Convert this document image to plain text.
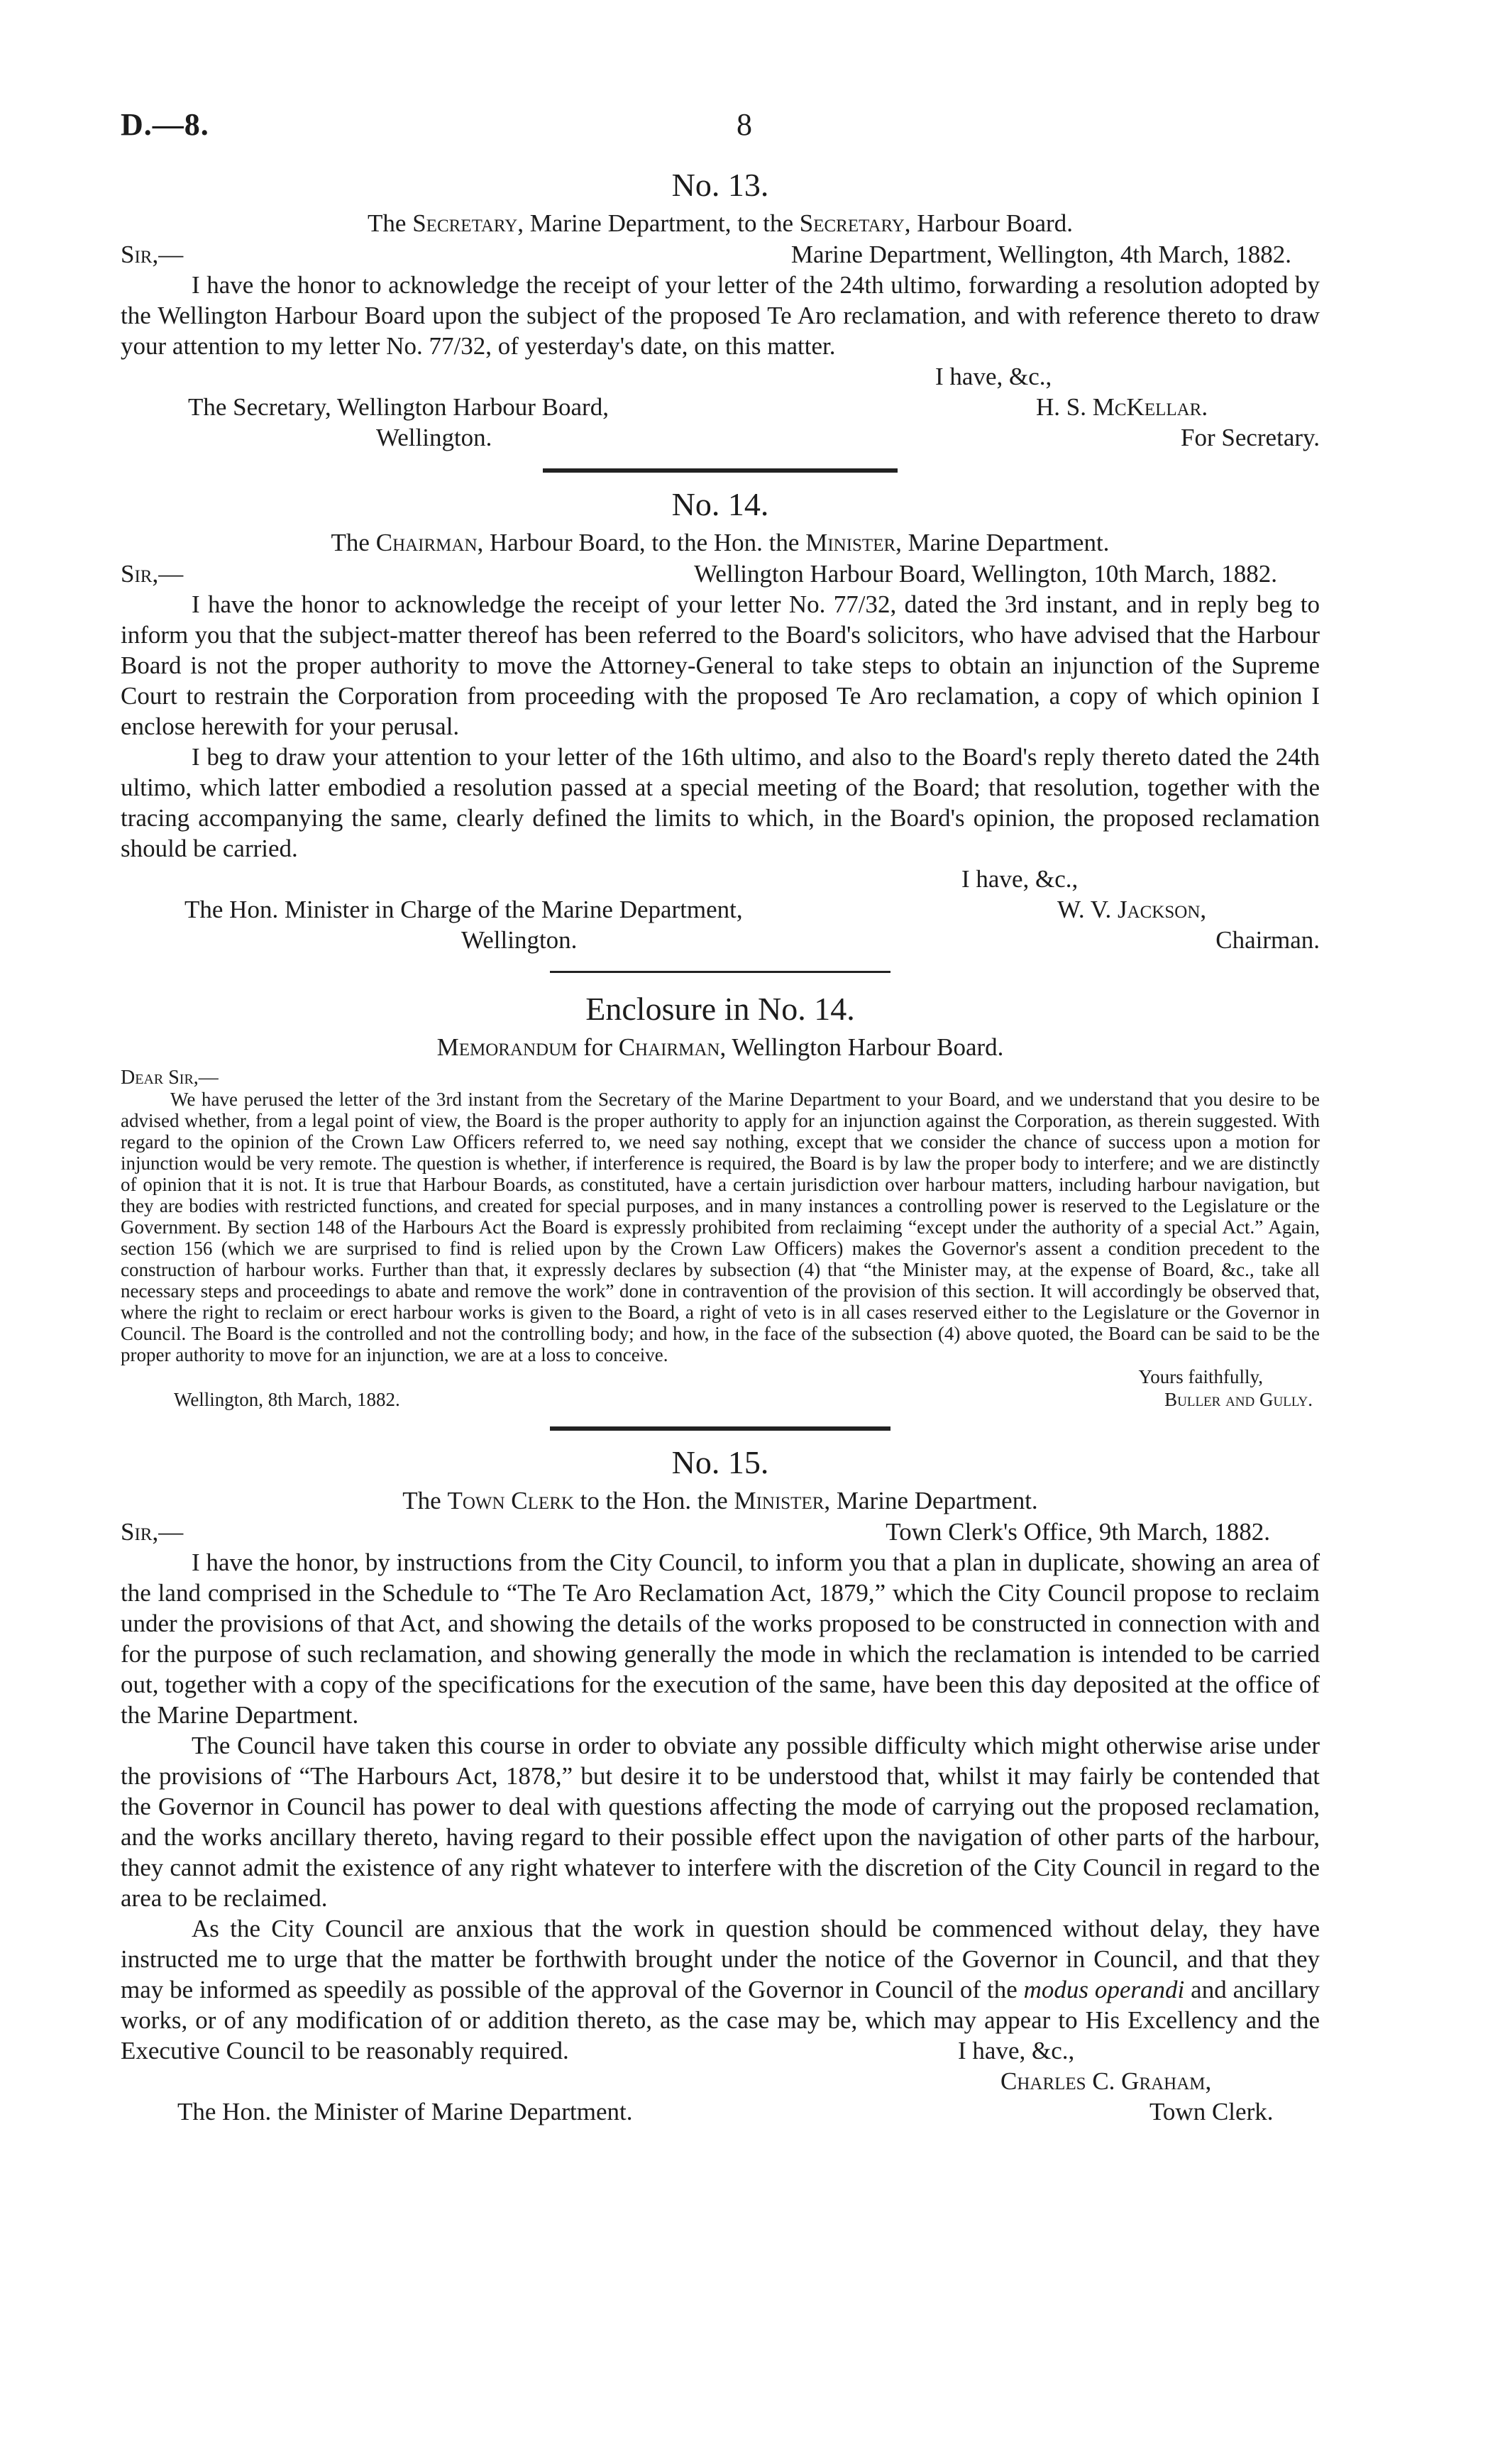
D.—8.	8
No. 13.
The Secretary, Marine Department, to the Secretary, Harbour Board.
Sir,—	Marine Department, Wellington, 4th March, 1882.

I have the honor to acknowledge the receipt of your letter of the 24th ultimo, forwarding a resolution adopted by the Wellington Harbour Board upon the subject of the proposed Te Aro reclamation, and with reference thereto to draw your attention to my letter No. 77/32, of yesterday's date, on this matter.

I have, &c.,
The Secretary, Wellington Harbour Board,	H. S. McKellar.
Wellington.	For Secretary.
No. 14.
The Chairman, Harbour Board, to the Hon. the Minister, Marine Department.
Sir,—	Wellington Harbour Board, Wellington, 10th March, 1882.

I have the honor to acknowledge the receipt of your letter No. 77/32, dated the 3rd instant, and in reply beg to inform you that the subject-matter thereof has been referred to the Board's solicitors, who have advised that the Harbour Board is not the proper authority to move the Attorney-General to take steps to obtain an injunction of the Supreme Court to restrain the Corporation from proceeding with the proposed Te Aro reclamation, a copy of which opinion I enclose herewith for your perusal.

I beg to draw your attention to your letter of the 16th ultimo, and also to the Board's reply thereto dated the 24th ultimo, which latter embodied a resolution passed at a special meeting of the Board; that resolution, together with the tracing accompanying the same, clearly defined the limits to which, in the Board's opinion, the proposed reclamation should be carried.

I have, &c.,
The Hon. Minister in Charge of the Marine Department,	W. V. Jackson,
Wellington.	Chairman.
Enclosure in No. 14.
Memorandum for Chairman, Wellington Harbour Board.
Dear Sir,—

We have perused the letter of the 3rd instant from the Secretary of the Marine Department to your Board, and we understand that you desire to be advised whether, from a legal point of view, the Board is the proper authority to apply for an injunction against the Corporation, as therein suggested. With regard to the opinion of the Crown Law Officers referred to, we need say nothing, except that we consider the chance of success upon a motion for injunction would be very remote. The question is whether, if interference is required, the Board is by law the proper body to interfere; and we are distinctly of opinion that it is not. It is true that Harbour Boards, as constituted, have a certain jurisdiction over harbour matters, including harbour navigation, but they are bodies with restricted functions, and created for special purposes, and in many instances a controlling power is reserved to the Legislature or the Government. By section 148 of the Harbours Act the Board is expressly prohibited from reclaiming “except under the authority of a special Act.” Again, section 156 (which we are surprised to find is relied upon by the Crown Law Officers) makes the Governor's assent a condition precedent to the construction of harbour works. Further than that, it expressly declares by subsection (4) that “the Minister may, at the expense of Board, &c., take all necessary steps and proceedings to abate and remove the work” done in contravention of the provision of this section. It will accordingly be observed that, where the right to reclaim or erect harbour works is given to the Board, a right of veto is in all cases reserved either to the Legislature or the Governor in Council. The Board is the controlled and not the controlling body; and how, in the face of the subsection (4) above quoted, the Board can be said to be the proper authority to move for an injunction, we are at a loss to conceive.

Yours faithfully,
Wellington, 8th March, 1882.	Buller and Gully.
No. 15.
The Town Clerk to the Hon. the Minister, Marine Department.
Sir,—	Town Clerk's Office, 9th March, 1882.

I have the honor, by instructions from the City Council, to inform you that a plan in duplicate, showing an area of the land comprised in the Schedule to “The Te Aro Reclamation Act, 1879,” which the City Council propose to reclaim under the provisions of that Act, and showing the details of the works proposed to be constructed in connection with and for the purpose of such reclamation, and showing generally the mode in which the reclamation is intended to be carried out, together with a copy of the specifications for the execution of the same, have been this day deposited at the office of the Marine Department.

The Council have taken this course in order to obviate any possible difficulty which might otherwise arise under the provisions of “The Harbours Act, 1878,” but desire it to be understood that, whilst it may fairly be contended that the Governor in Council has power to deal with questions affecting the mode of carrying out the proposed reclamation, and the works ancillary thereto, having regard to their possible effect upon the navigation of other parts of the harbour, they cannot admit the existence of any right whatever to interfere with the discretion of the City Council in regard to the area to be reclaimed.

As the City Council are anxious that the work in question should be commenced without delay, they have instructed me to urge that the matter be forthwith brought under the notice of the Governor in Council, and that they may be informed as speedily as possible of the approval of the Governor in Council of the modus operandi and ancillary works, or of any modification of or addition thereto, as the case may be, which may appear to His Excellency and the Executive Council to be reasonably required.	I have, &c.,
Charles C. Graham,
The Hon. the Minister of Marine Department.	Town Clerk.
